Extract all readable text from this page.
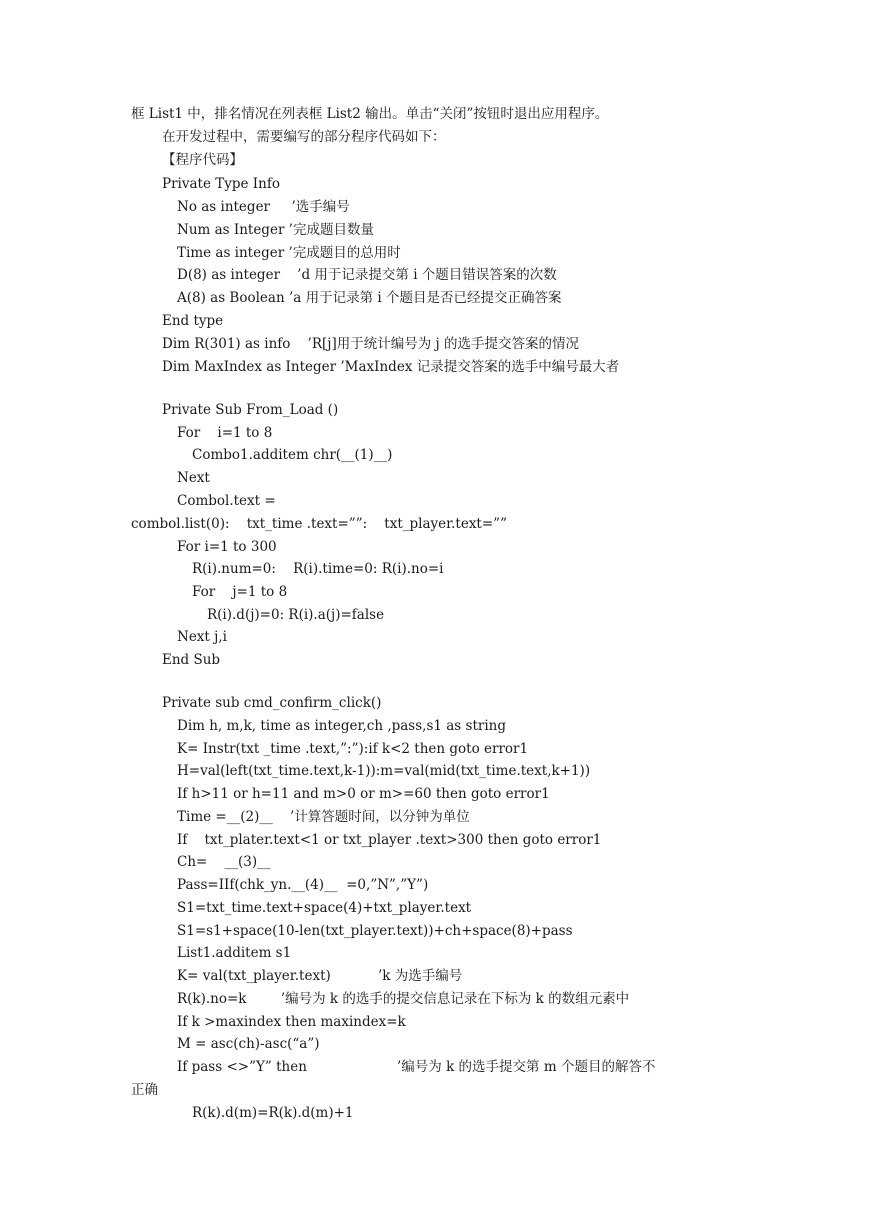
框 List1 中，排名情况在列表框 List2 输出。单击“关闭”按钮时退出应用程序。
在开发过程中，需要编写的部分程序代码如下：
【程序代码】
Private Type Info
No as integer     ’选手编号
Num as Integer ’完成题目数量
Time as integer ’完成题目的总用时
D(8) as integer    ’d 用于记录提交第 i 个题目错误答案的次数
A(8) as Boolean ’a 用于记录第 i 个题目是否已经提交正确答案
End type
Dim R(301) as info    ’R[j]用于统计编号为 j 的选手提交答案的情况
Dim MaxIndex as Integer ’MaxIndex 记录提交答案的选手中编号最大者
Private Sub From_Load ()
For    i=1 to 8
Combo1.additem chr(__(1)__)
Next
Combol.text =
combol.list(0):    txt_time .text=””:    txt_player.text=””
For i=1 to 300
R(i).num=0:    R(i).time=0: R(i).no=i
For    j=1 to 8
R(i).d(j)=0: R(i).a(j)=false
Next j,i
End Sub
Private sub cmd_confirm_click()
Dim h, m,k, time as integer,ch ,pass,s1 as string
K= Instr(txt _time .text,”:”):if k<2 then goto error1
H=val(left(txt_time.text,k-1)):m=val(mid(txt_time.text,k+1))
If h>11 or h=11 and m>0 or m>=60 then goto error1
Time =__(2)__    ’计算答题时间，以分钟为单位
If    txt_plater.text<1 or txt_player .text>300 then goto error1
Ch=    __(3)__
Pass=IIf(chk_yn.__(4)__  =0,”N”,”Y”)
S1=txt_time.text+space(4)+txt_player.text
S1=s1+space(10-len(txt_player.text))+ch+space(8)+pass
List1.additem s1
K= val(txt_player.text)           ’k 为选手编号
R(k).no=k        ’编号为 k 的选手的提交信息记录在下标为 k 的数组元素中
If k >maxindex then maxindex=k
M = asc(ch)-asc(“a”)
If pass <>”Y” then                     ’编号为 k 的选手提交第 m 个题目的解答不
正确
R(k).d(m)=R(k).d(m)+1
